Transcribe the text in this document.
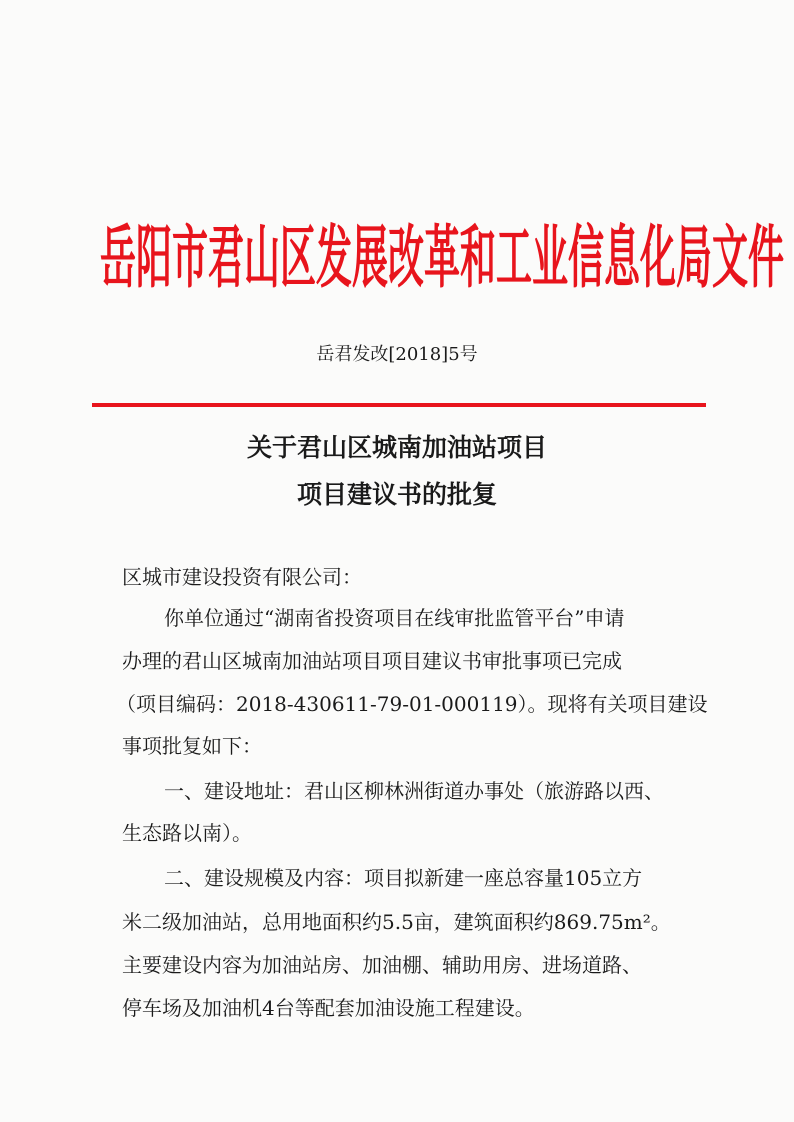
岳阳市君山区发展改革和工业信息化局文件
岳君发改[2018]5号
关于君山区城南加油站项目
项目建议书的批复
区城市建设投资有限公司：
你单位通过“湖南省投资项目在线审批监管平台”申请
办理的君山区城南加油站项目项目建议书审批事项已完成
（项目编码：2018-430611-79-01-000119）。现将有关项目建设
事项批复如下：
一、建设地址：君山区柳林洲街道办事处（旅游路以西、
生态路以南）。
二、建设规模及内容：项目拟新建一座总容量105立方
米二级加油站，总用地面积约5.5亩，建筑面积约869.75m²。
主要建设内容为加油站房、加油棚、辅助用房、进场道路、
停车场及加油机4台等配套加油设施工程建设。
